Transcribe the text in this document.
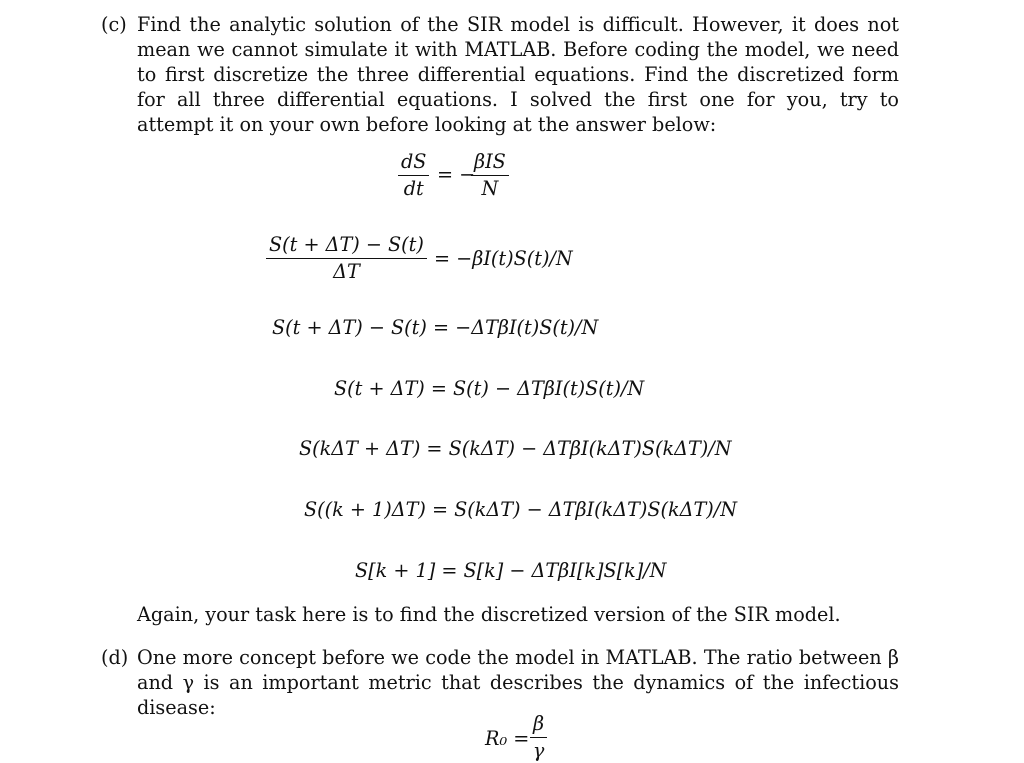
(c) Find the analytic solution of the SIR model is difficult. However, it does not mean we cannot simulate it with MATLAB. Before coding the model, we need to first discretize the three differential equations. Find the discretized form for all three differential equations. I solved the first one for you, try to attempt it on your own before looking at the answer below:
dS
dt
= −
βIS
N
S(t + ΔT) − S(t)
ΔT
= −βI(t)S(t)/N
S(t + ΔT) − S(t) = −ΔTβI(t)S(t)/N
S(t + ΔT) = S(t) − ΔTβI(t)S(t)/N
S(kΔT + ΔT) = S(kΔT) − ΔTβI(kΔT)S(kΔT)/N
S((k + 1)ΔT) = S(kΔT) − ΔTβI(kΔT)S(kΔT)/N
S[k + 1] = S[k] − ΔTβI[k]S[k]/N
Again, your task here is to find the discretized version of the SIR model.
(d) One more concept before we code the model in MATLAB. The ratio between β and γ is an important metric that describes the dynamics of the infectious disease:
R₀ =
β
γ
